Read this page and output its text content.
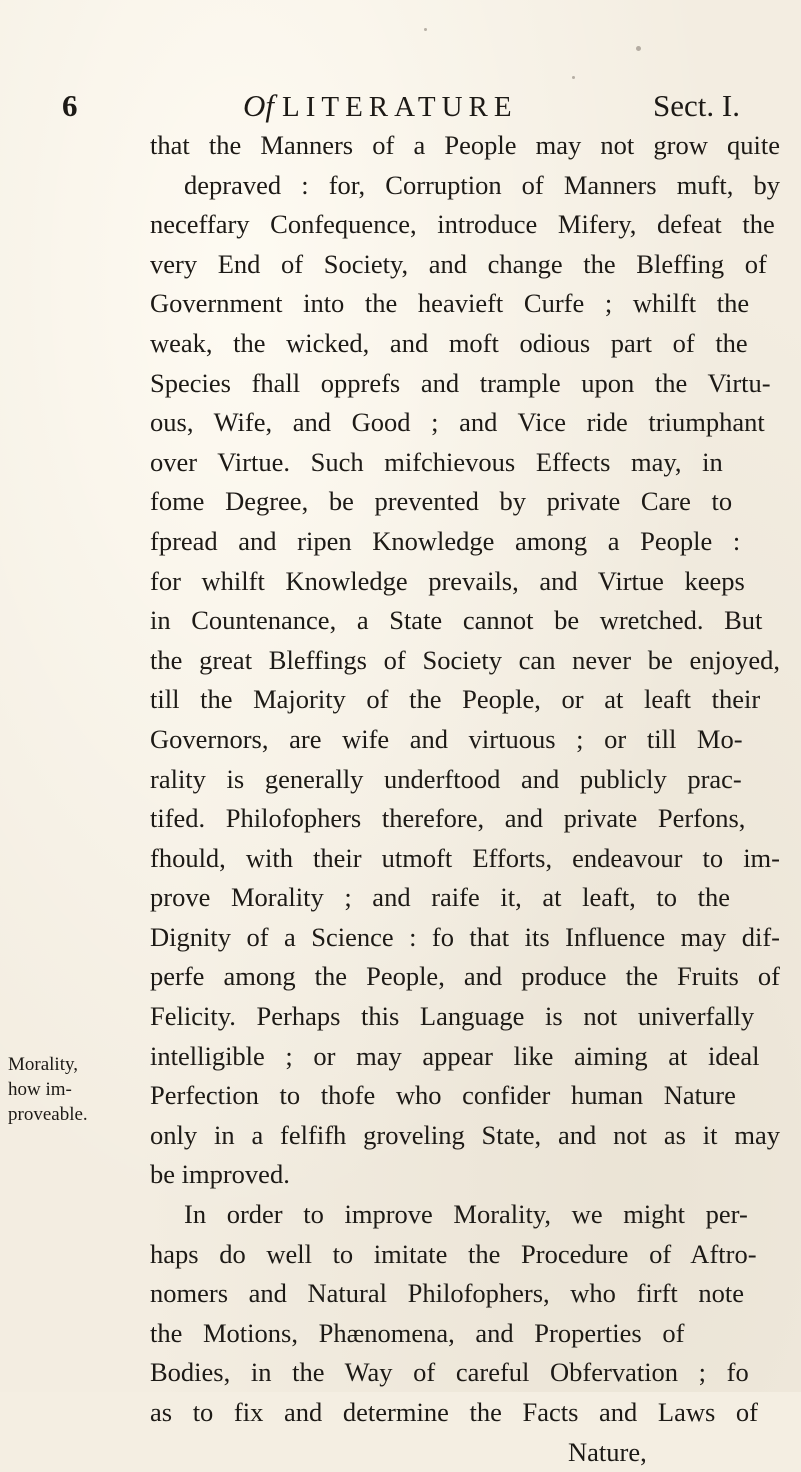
6	Of LITERATURE	Sect. I.
Morality,
how im-
proveable.
that the Manners of a People may not grow quite
depraved : for, Corruption of Manners muft, by
neceffary Confequence, introduce Mifery, defeat the
very End of Society, and change the Bleffing of
Government into the heavieft Curfe ; whilft the
weak, the wicked, and moft odious part of the
Species fhall opprefs and trample upon the Virtu-
ous, Wife, and Good ; and Vice ride triumphant
over Virtue. Such mifchievous Effects may, in
fome Degree, be prevented by private Care to
fpread and ripen Knowledge among a People :
for whilft Knowledge prevails, and Virtue keeps
in Countenance, a State cannot be wretched. But
the great Bleffings of Society can never be enjoyed,
till the Majority of the People, or at leaft their
Governors, are wife and virtuous ; or till Mo-
rality is generally underftood and publicly prac-
tifed. Philofophers therefore, and private Perfons,
fhould, with their utmoft Efforts, endeavour to im-
prove Morality ; and raife it, at leaft, to the
Dignity of a Science : fo that its Influence may dif-
perfe among the People, and produce the Fruits of
Felicity. Perhaps this Language is not univerfally
intelligible ; or may appear like aiming at ideal
Perfection to thofe who confider human Nature
only in a felfifh groveling State, and not as it may
be improved.
In order to improve Morality, we might per-
haps do well to imitate the Procedure of Aftro-
nomers and Natural Philofophers, who firft note
the Motions, Phænomena, and Properties of
Bodies, in the Way of careful Obfervation ; fo
as to fix and determine the Facts and Laws of
Nature,
